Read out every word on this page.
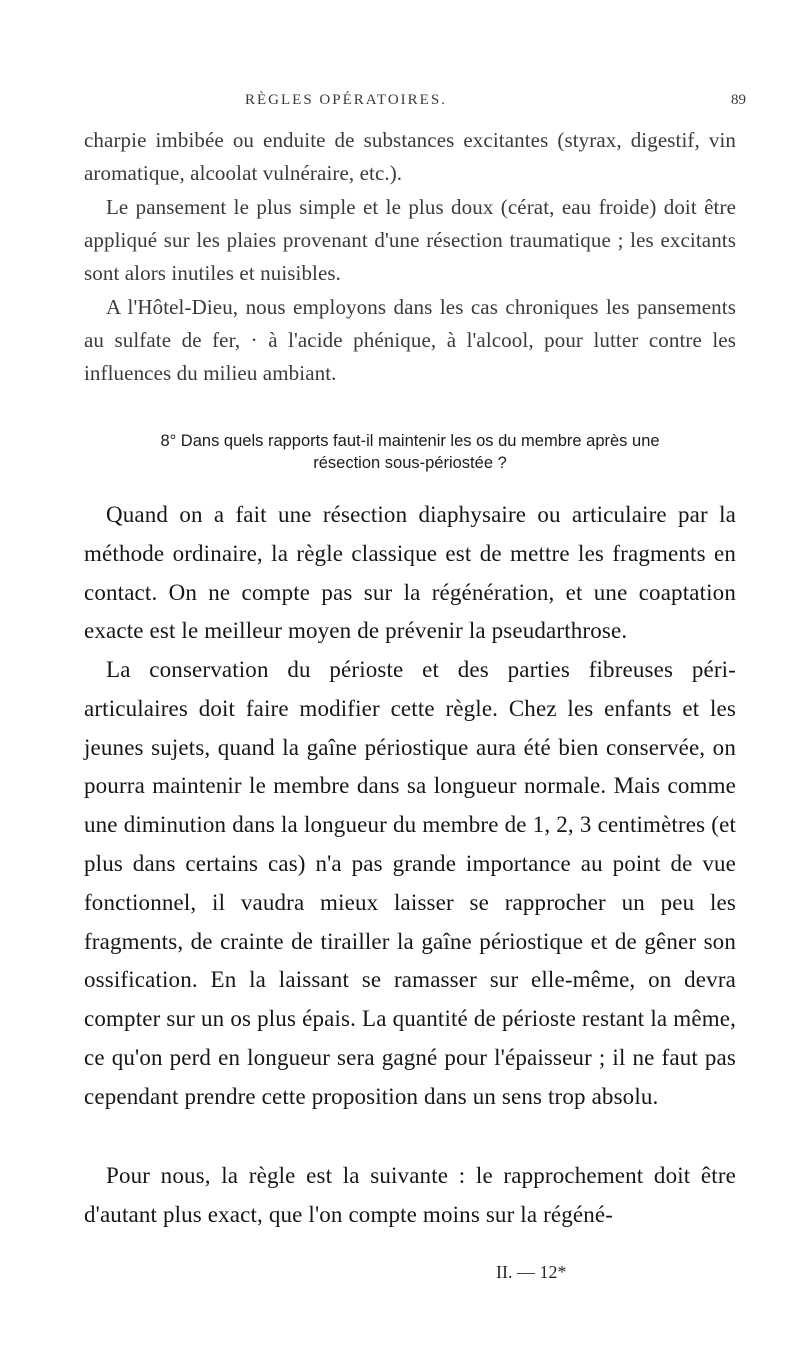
RÈGLES OPÉRATOIRES.	89

charpie imbibée ou enduite de substances excitantes (styrax, digestif, vin aromatique, alcoolat vulnéraire, etc.).

Le pansement le plus simple et le plus doux (cérat, eau froide) doit être appliqué sur les plaies provenant d'une résection traumatique ; les excitants sont alors inutiles et nuisibles.

A l'Hôtel-Dieu, nous employons dans les cas chroniques les pansements au sulfate de fer, · à l'acide phénique, à l'alcool, pour lutter contre les influences du milieu ambiant.

8° Dans quels rapports faut-il maintenir les os du membre après une
résection sous-périostée ?

Quand on a fait une résection diaphysaire ou articulaire par la méthode ordinaire, la règle classique est de mettre les fragments en contact. On ne compte pas sur la régénération, et une coaptation exacte est le meilleur moyen de prévenir la pseudarthrose.

La conservation du périoste et des parties fibreuses péri-articulaires doit faire modifier cette règle. Chez les enfants et les jeunes sujets, quand la gaîne périostique aura été bien conservée, on pourra maintenir le membre dans sa longueur normale. Mais comme une diminution dans la longueur du membre de 1, 2, 3 centimètres (et plus dans certains cas) n'a pas grande importance au point de vue fonctionnel, il vaudra mieux laisser se rapprocher un peu les fragments, de crainte de tirailler la gaîne périostique et de gêner son ossification. En la laissant se ramasser sur elle-même, on devra compter sur un os plus épais. La quantité de périoste restant la même, ce qu'on perd en longueur sera gagné pour l'épaisseur ; il ne faut pas cependant prendre cette proposition dans un sens trop absolu.

Pour nous, la règle est la suivante : le rapprochement doit être d'autant plus exact, que l'on compte moins sur la régéné-

II. — 12*
